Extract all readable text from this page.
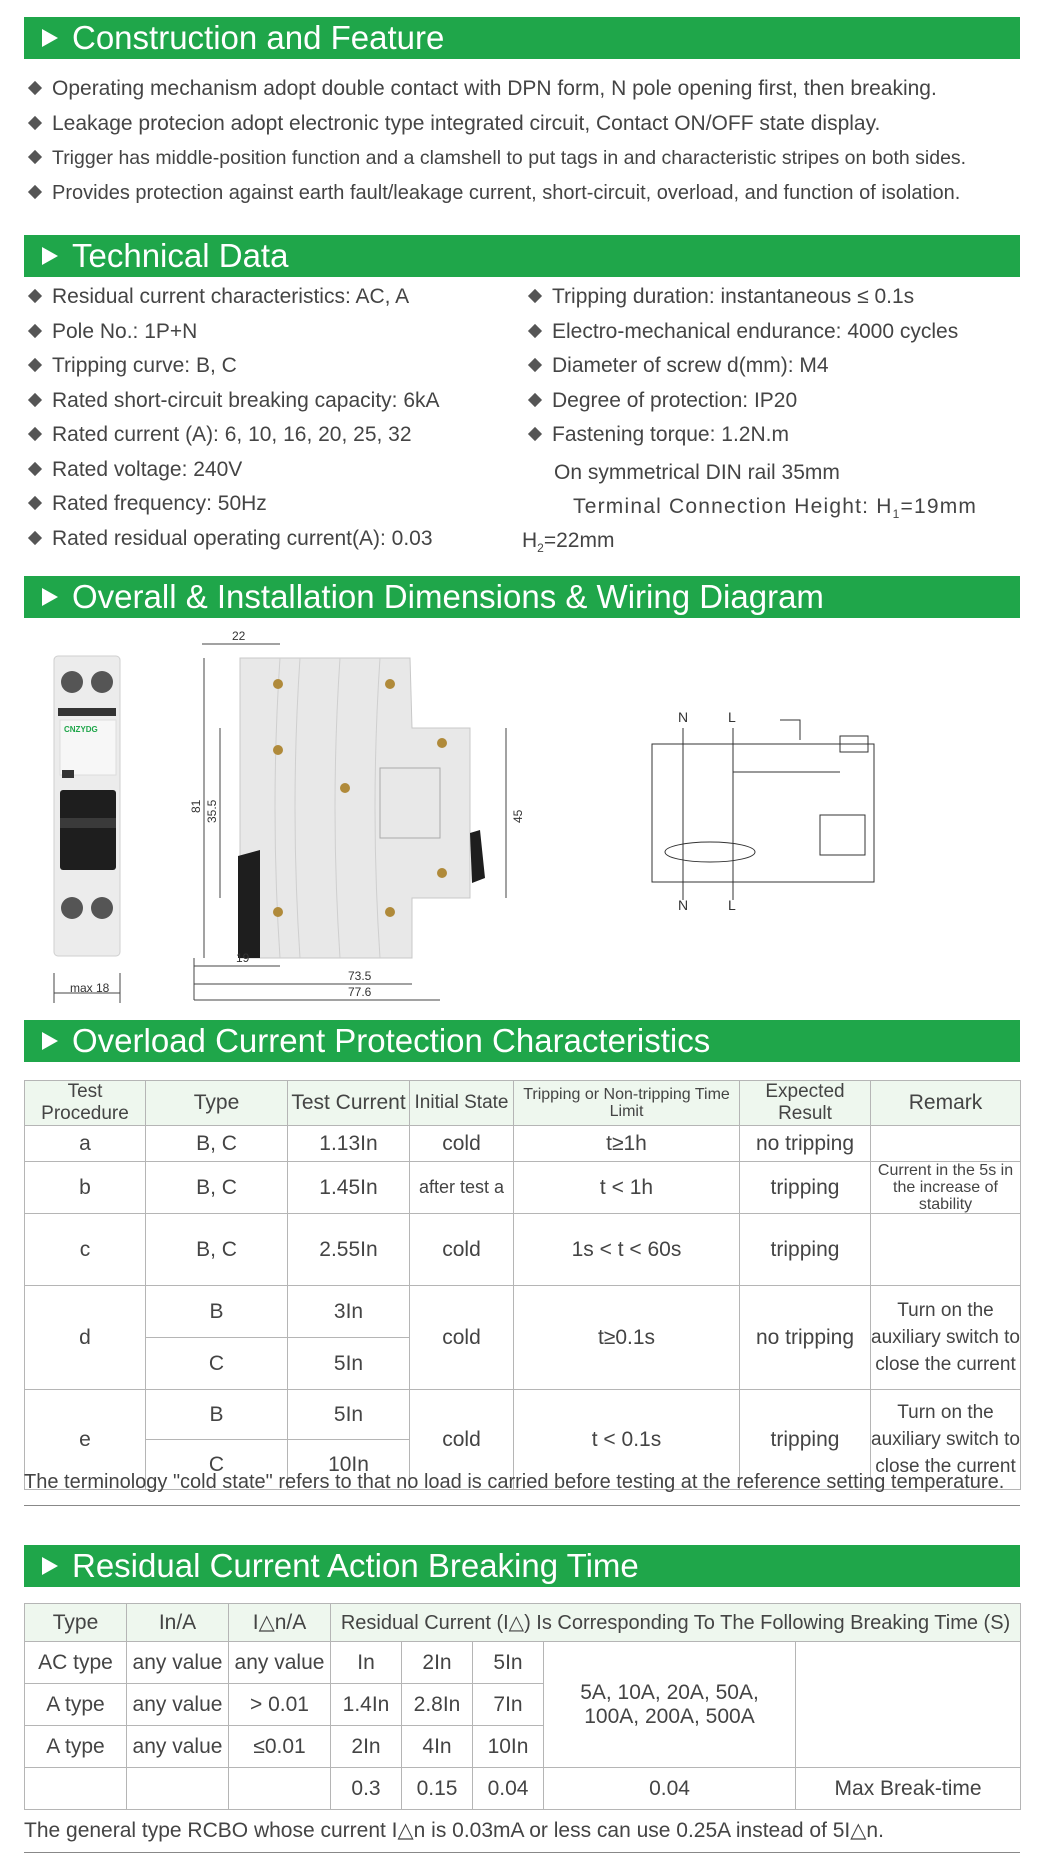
Construction and Feature
Operating mechanism adopt double contact with DPN form, N pole opening first, then breaking.
Leakage protecion adopt electronic type integrated circuit, Contact ON/OFF state display.
Trigger has middle-position function and a clamshell to put tags in and characteristic stripes on both sides.
Provides protection against earth fault/leakage current, short-circuit, overload, and function of isolation.
Technical Data
Residual current characteristics: AC, A
Pole No.: 1P+N
Tripping curve: B, C
Rated short-circuit breaking capacity: 6kA
Rated current (A): 6, 10, 16, 20, 25, 32
Rated voltage: 240V
Rated frequency: 50Hz
Rated residual operating current(A): 0.03
Tripping duration: instantaneous ≤ 0.1s
Electro-mechanical endurance: 4000 cycles
Diameter of screw d(mm): M4
Degree of protection: IP20
Fastening torque: 1.2N.m
On symmetrical DIN rail 35mm
Terminal Connection Height: $H_1=19mm$
$H_2=22mm$
Overall & Installation Dimensions & Wiring Diagram
CNZYDG
max 18
81 35.5	45
22
19
73.5
77.6
N	L
N	L
Overload Current Protection Characteristics
Test Procedure	Type	Test Current	Initial State	Tripping or Non-tripping Time Limit	Expected Result	Remark
a	B, C	1.13In	cold	t≥1h	no tripping	
b	B, C	1.45In	after test a	t < 1h	tripping	Current in the 5s in the increase of stability
c	B, C	2.55In	cold	1s < t < 60s	tripping	
d	B	3In	cold	t≥0.1s	no tripping	Turn on the auxiliary switch to close the current
	C	5In				
e	B	5In	cold	t < 0.1s	tripping	Turn on the auxiliary switch to close the current
	C	10In				
The terminology "cold state" refers to that no load is carried before testing at the reference setting temperature.
Residual Current Action Breaking Time
Type	In/A	I△n/A	Residual Current (I△) Is Corresponding To The Following Breaking Time (S)				
AC type	any value	any value	In	2In	5In	5A, 10A, 20A, 50A, 100A, 200A, 500A	
A type	any value	> 0.01	1.4In	2.8In	7In		
A type	any value	≤0.01	2In	4In	10In		
			0.3	0.15	0.04	0.04	Max Break-time
The general type RCBO whose current I△n is 0.03mA or less can use 0.25A instead of 5I△n.
